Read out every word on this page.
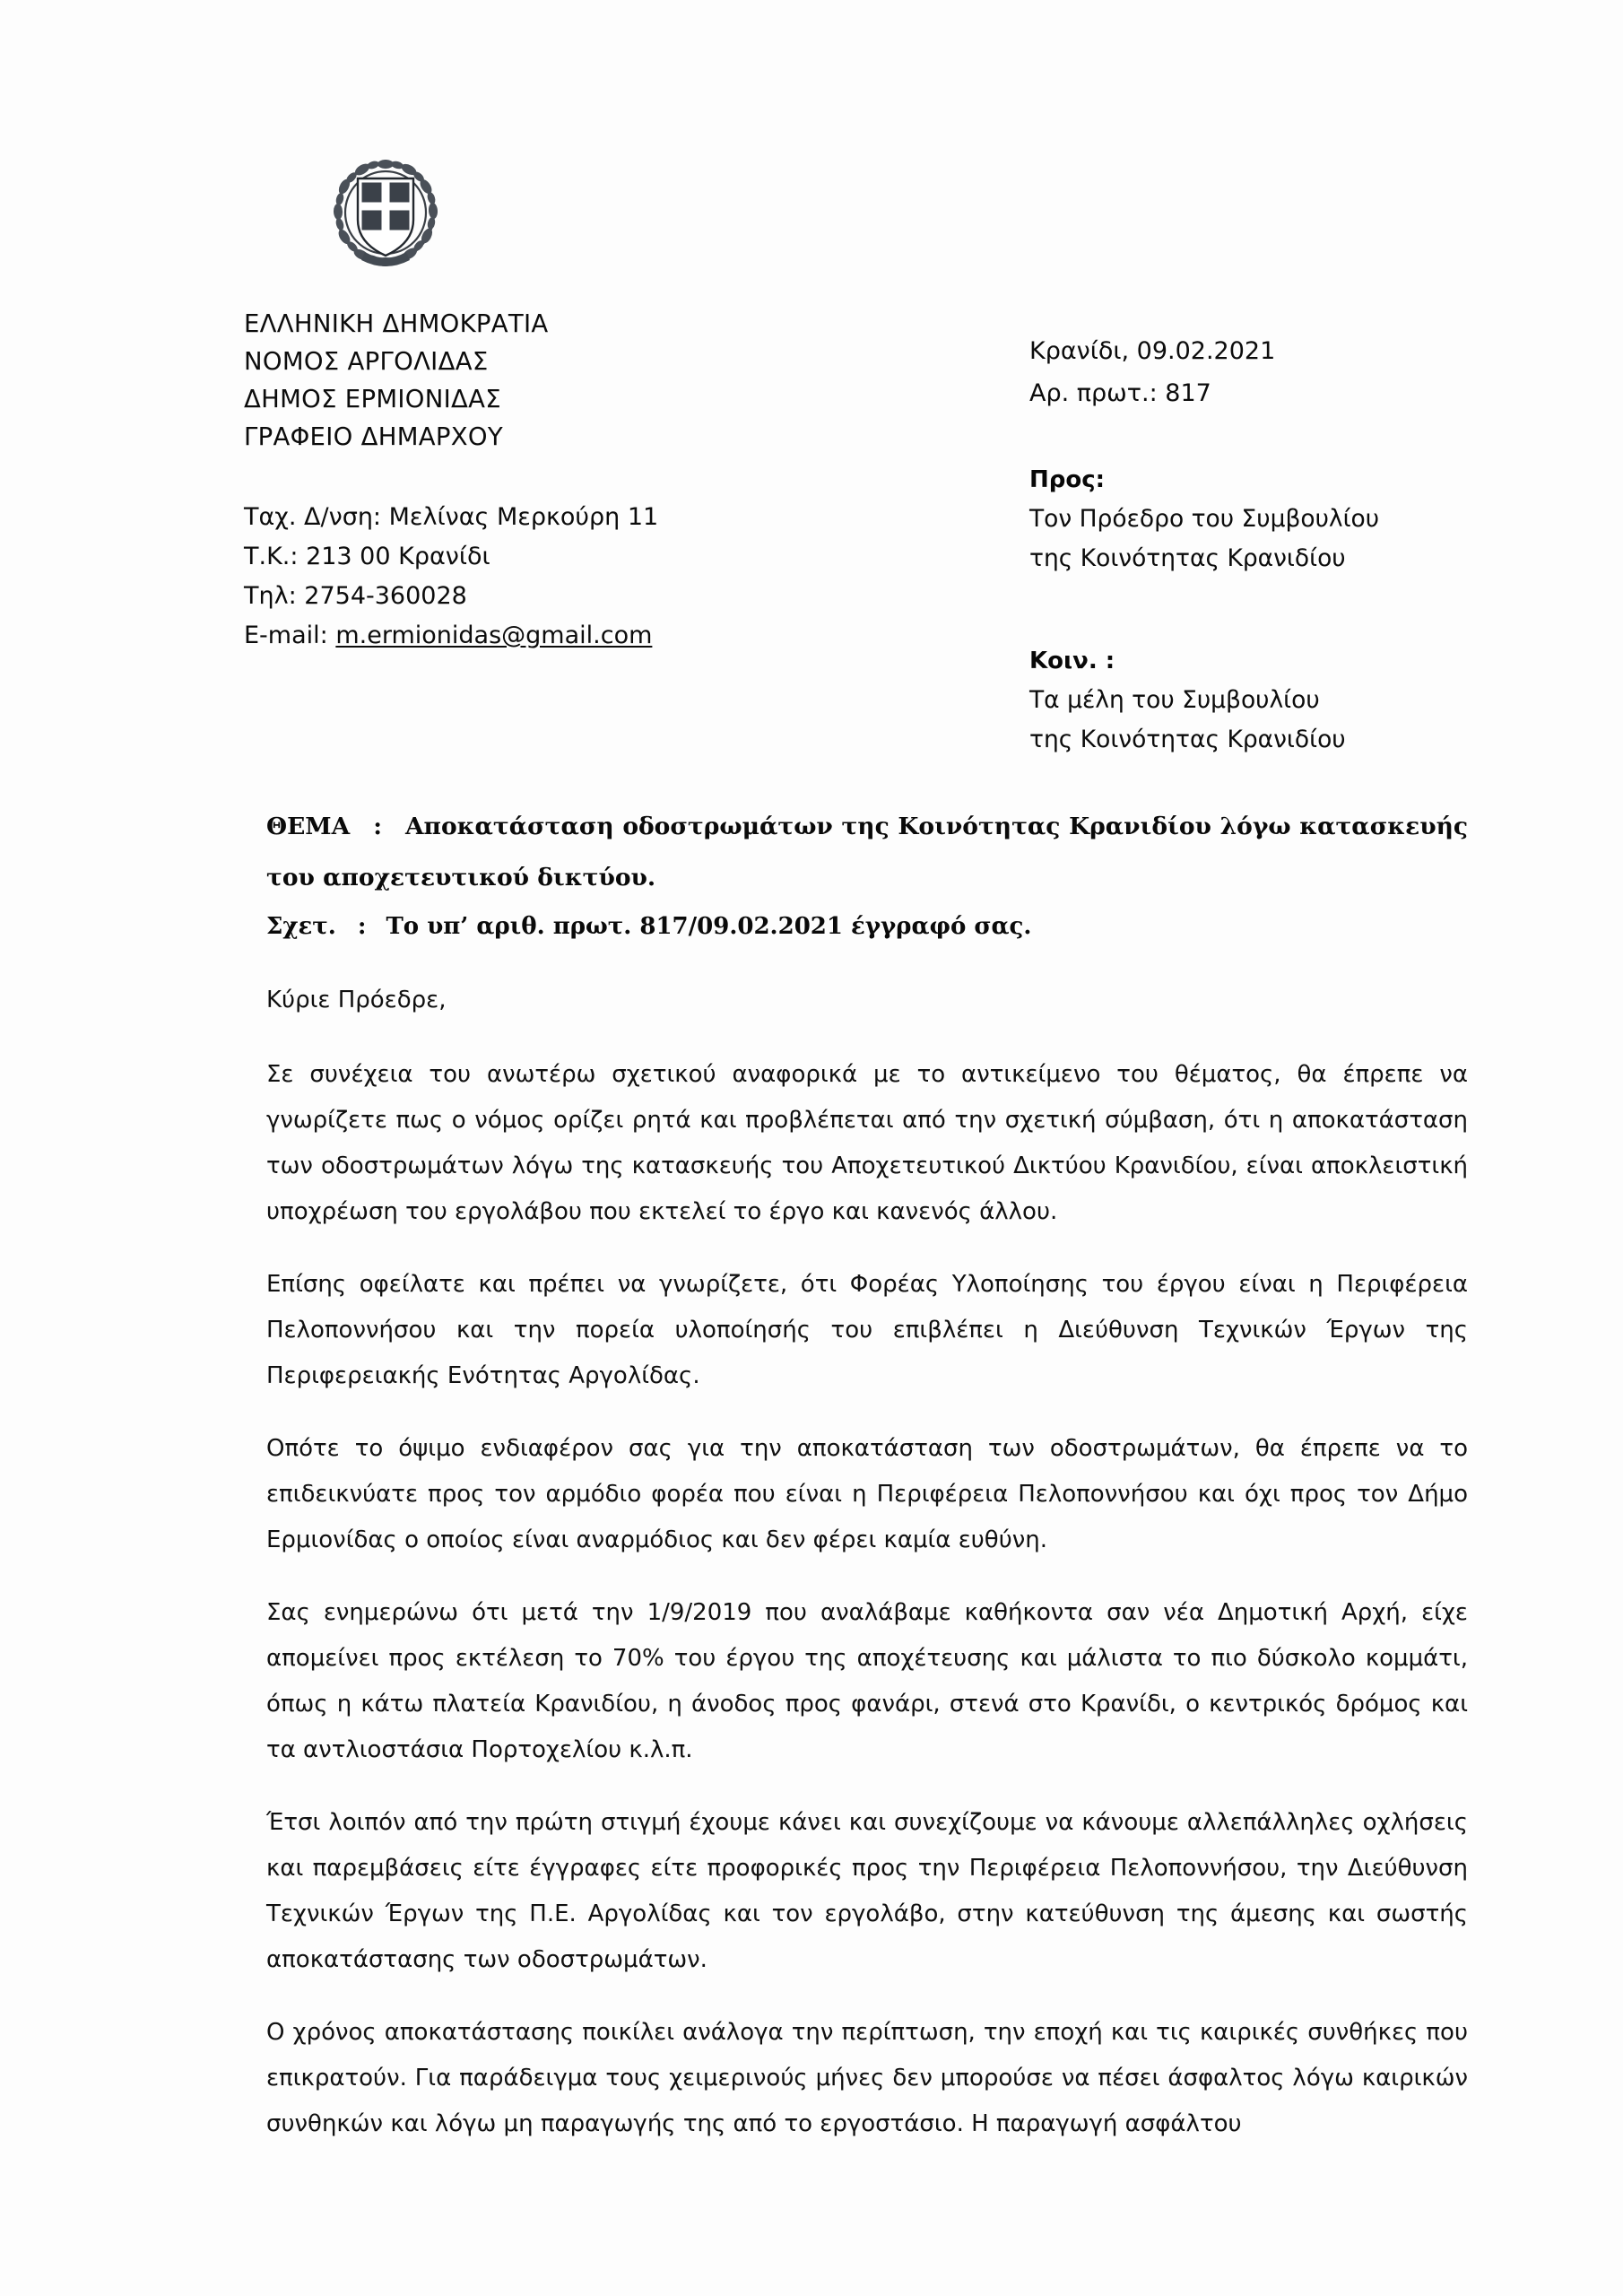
ΕΛΛΗΝΙΚΗ ΔΗΜΟΚΡΑΤΙΑ
ΝΟΜΟΣ ΑΡΓΟΛΙΔΑΣ
ΔΗΜΟΣ ΕΡΜΙΟΝΙΔΑΣ
ΓΡΑΦΕΙΟ ΔΗΜΑΡΧΟΥ
Ταχ. Δ/νση: Μελίνας Μερκούρη 11
Τ.Κ.: 213 00 Κρανίδι
Τηλ: 2754-360028
E-mail: m.ermionidas@gmail.com
Κρανίδι, 09.02.2021
Αρ. πρωτ.: 817
Προς:
Τον Πρόεδρο του Συμβουλίου
της Κοινότητας Κρανιδίου
Κοιν. :
Τα μέλη του Συμβουλίου
της Κοινότητας Κρανιδίου
ΘΕΜΑ : Αποκατάσταση οδοστρωμάτων της Κοινότητας Κρανιδίου λόγω κατασκευής του αποχετευτικού δικτύου.
Σχετ. : Το υπ’ αριθ. πρωτ. 817/09.02.2021 έγγραφό σας.
Κύριε Πρόεδρε,

Σε συνέχεια του ανωτέρω σχετικού αναφορικά με το αντικείμενο του θέματος, θα έπρεπε να γνωρίζετε πως ο νόμος ορίζει ρητά και προβλέπεται από την σχετική σύμβαση, ότι η αποκατάσταση των οδοστρωμάτων λόγω της κατασκευής του Αποχετευτικού Δικτύου Κρανιδίου, είναι αποκλειστική υποχρέωση του εργολάβου που εκτελεί το έργο και κανενός άλλου.

Επίσης οφείλατε και πρέπει να γνωρίζετε, ότι Φορέας Υλοποίησης του έργου είναι η Περιφέρεια Πελοποννήσου και την πορεία υλοποίησής του επιβλέπει η Διεύθυνση Τεχνικών Έργων της Περιφερειακής Ενότητας Αργολίδας.

Οπότε το όψιμο ενδιαφέρον σας για την αποκατάσταση των οδοστρωμάτων, θα έπρεπε να το επιδεικνύατε προς τον αρμόδιο φορέα που είναι η Περιφέρεια Πελοποννήσου και όχι προς τον Δήμο Ερμιονίδας ο οποίος είναι αναρμόδιος και δεν φέρει καμία ευθύνη.

Σας ενημερώνω ότι μετά την 1/9/2019 που αναλάβαμε καθήκοντα σαν νέα Δημοτική Αρχή, είχε απομείνει προς εκτέλεση το 70% του έργου της αποχέτευσης και μάλιστα το πιο δύσκολο κομμάτι, όπως η κάτω πλατεία Κρανιδίου, η άνοδος προς φανάρι, στενά στο Κρανίδι, ο κεντρικός δρόμος και τα αντλιοστάσια Πορτοχελίου κ.λ.π.

Έτσι λοιπόν από την πρώτη στιγμή έχουμε κάνει και συνεχίζουμε να κάνουμε αλλεπάλληλες οχλήσεις και παρεμβάσεις είτε έγγραφες είτε προφορικές προς την Περιφέρεια Πελοποννήσου, την Διεύθυνση Τεχνικών Έργων της Π.Ε. Αργολίδας και τον εργολάβο, στην κατεύθυνση της άμεσης και σωστής αποκατάστασης των οδοστρωμάτων.

Ο χρόνος αποκατάστασης ποικίλει ανάλογα την περίπτωση, την εποχή και τις καιρικές συνθήκες που επικρατούν. Για παράδειγμα τους χειμερινούς μήνες δεν μπορούσε να πέσει άσφαλτος λόγω καιρικών συνθηκών και λόγω μη παραγωγής της από το εργοστάσιο. Η παραγωγή ασφάλτου
